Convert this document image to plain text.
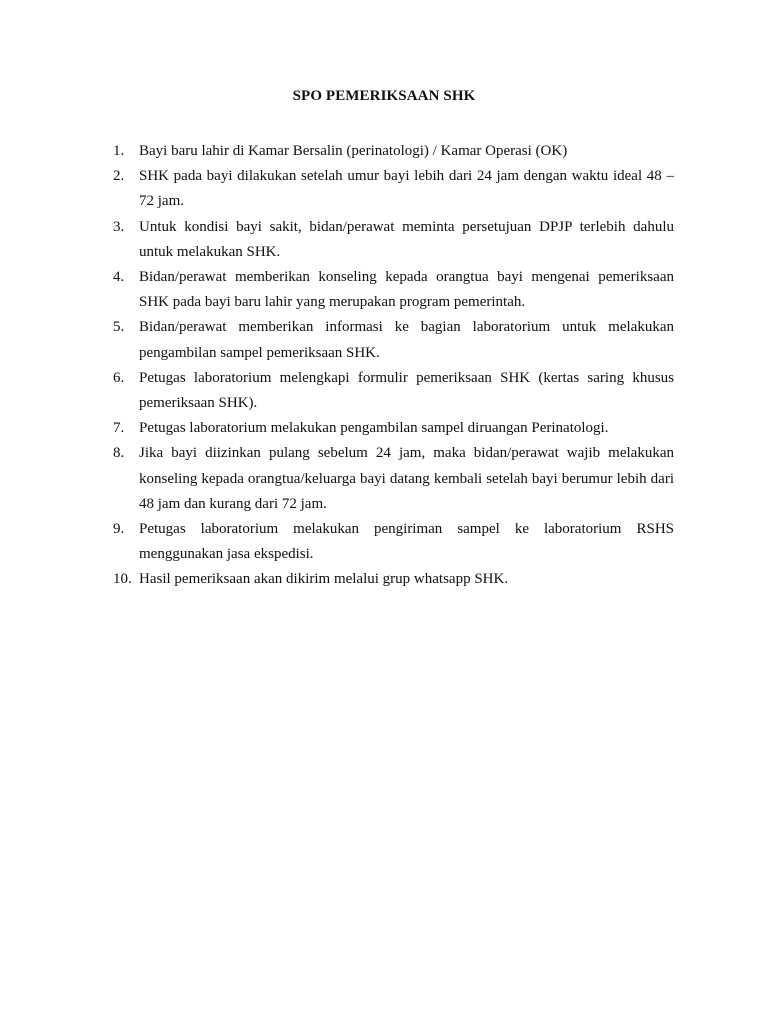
SPO PEMERIKSAAN SHK
1. Bayi baru lahir di Kamar Bersalin (perinatologi) / Kamar Operasi (OK)
2. SHK pada bayi dilakukan setelah umur bayi lebih dari 24 jam dengan waktu ideal 48 – 72 jam.
3. Untuk kondisi bayi sakit, bidan/perawat meminta persetujuan DPJP terlebih dahulu untuk melakukan SHK.
4. Bidan/perawat memberikan konseling kepada orangtua bayi mengenai pemeriksaan SHK pada bayi baru lahir yang merupakan program pemerintah.
5. Bidan/perawat memberikan informasi ke bagian laboratorium untuk melakukan pengambilan sampel pemeriksaan SHK.
6. Petugas laboratorium melengkapi formulir pemeriksaan SHK (kertas saring khusus pemeriksaan SHK).
7. Petugas laboratorium melakukan pengambilan sampel diruangan Perinatologi.
8. Jika bayi diizinkan pulang sebelum 24 jam, maka bidan/perawat wajib melakukan konseling kepada orangtua/keluarga bayi datang kembali setelah bayi berumur lebih dari 48 jam dan kurang dari 72 jam.
9. Petugas laboratorium melakukan pengiriman sampel ke laboratorium RSHS menggunakan jasa ekspedisi.
10. Hasil pemeriksaan akan dikirim melalui grup whatsapp SHK.
